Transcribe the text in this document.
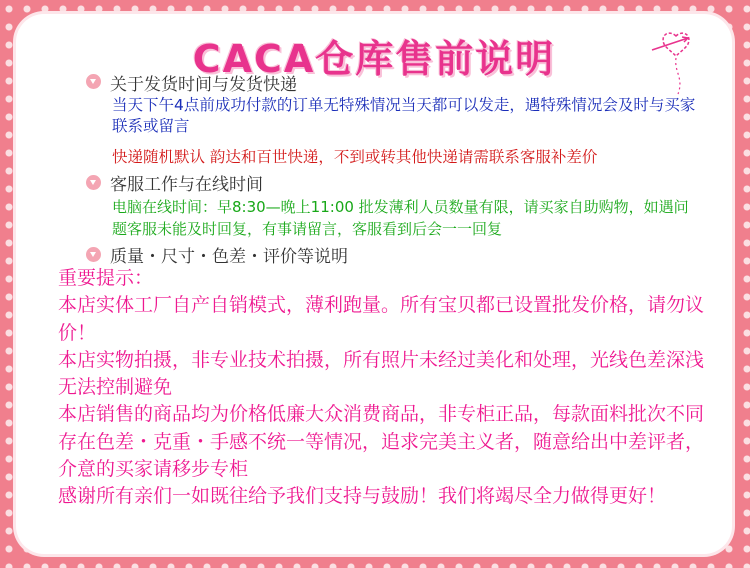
CACA仓库售前说明
关于发货时间与发货快递
当天下午4点前成功付款的订单无特殊情况当天都可以发走，遇特殊情况会及时与买家联系或留言
快递随机默认 韵达和百世快递，不到或转其他快递请需联系客服补差价
客服工作与在线时间
电脑在线时间：早8:30—晚上11:00 批发薄利人员数量有限，请买家自助购物，如遇问题客服未能及时回复，有事请留言，客服看到后会一一回复
质量・尺寸・色差・评价等说明

重要提示：

本店实体工厂自产自销模式，薄利跑量。所有宝贝都已设置批发价格，请勿议价！

本店实物拍摄，非专业技术拍摄，所有照片未经过美化和处理，光线色差深浅无法控制避免

本店销售的商品均为价格低廉大众消费商品，非专柜正品，每款面料批次不同存在色差・克重・手感不统一等情况，追求完美主义者，随意给出中差评者，介意的买家请移步专柜

感谢所有亲们一如既往给予我们支持与鼓励！我们将竭尽全力做得更好！
